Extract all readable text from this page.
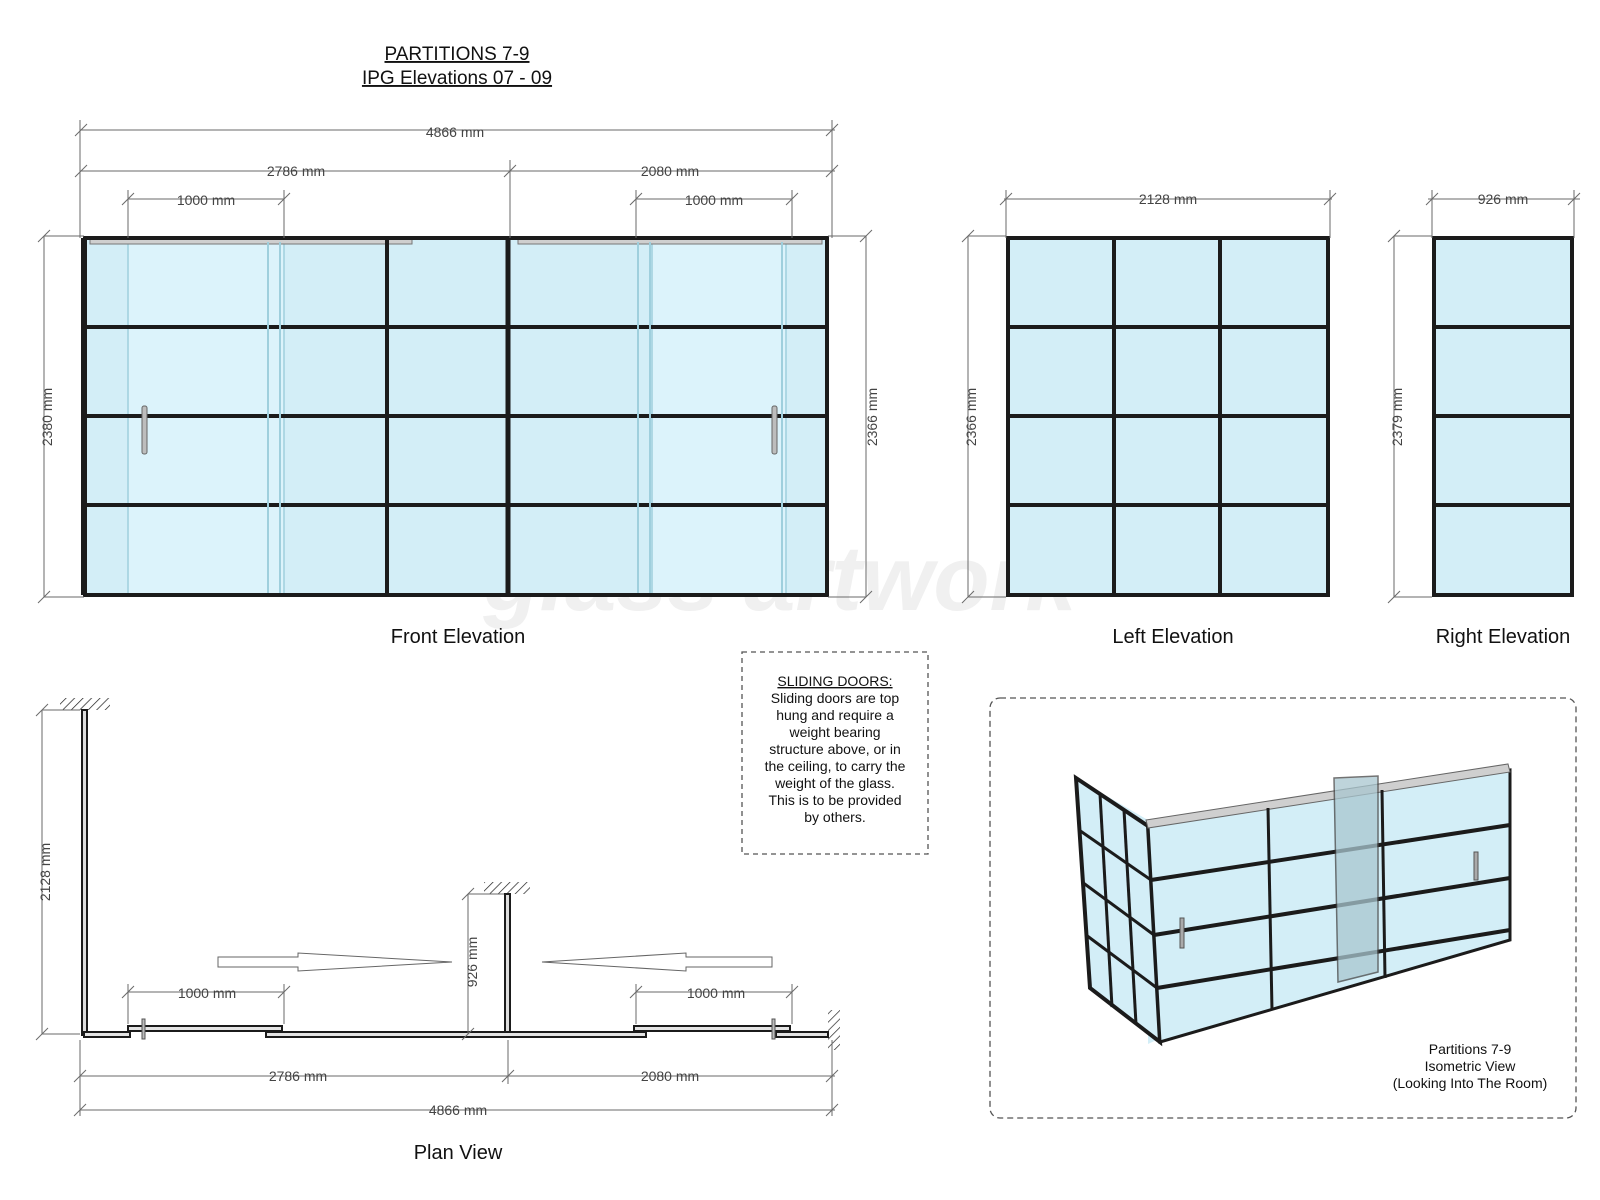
artwork
PARTITIONS 7-9
IPG Elevations 07 - 09
4866 mm
2786 mm	2080 mm
1000 mm	1000 mm
2380 mm	2366 mm
Front Elevation
2128 mm
2366 mm
Left Elevation
926 mm
2379 mm
Right Elevation
SLIDING DOORS:
Sliding doors are top
hung and require a
weight bearing
structure above, or in
the ceiling, to carry the
weight of the glass.
This is to be provided
by others.
2128 mm
926 mm
1000 mm	1000 mm
2786 mm	2080 mm
4866 mm
Plan View
Partitions 7-9
Isometric View
(Looking Into The Room)
